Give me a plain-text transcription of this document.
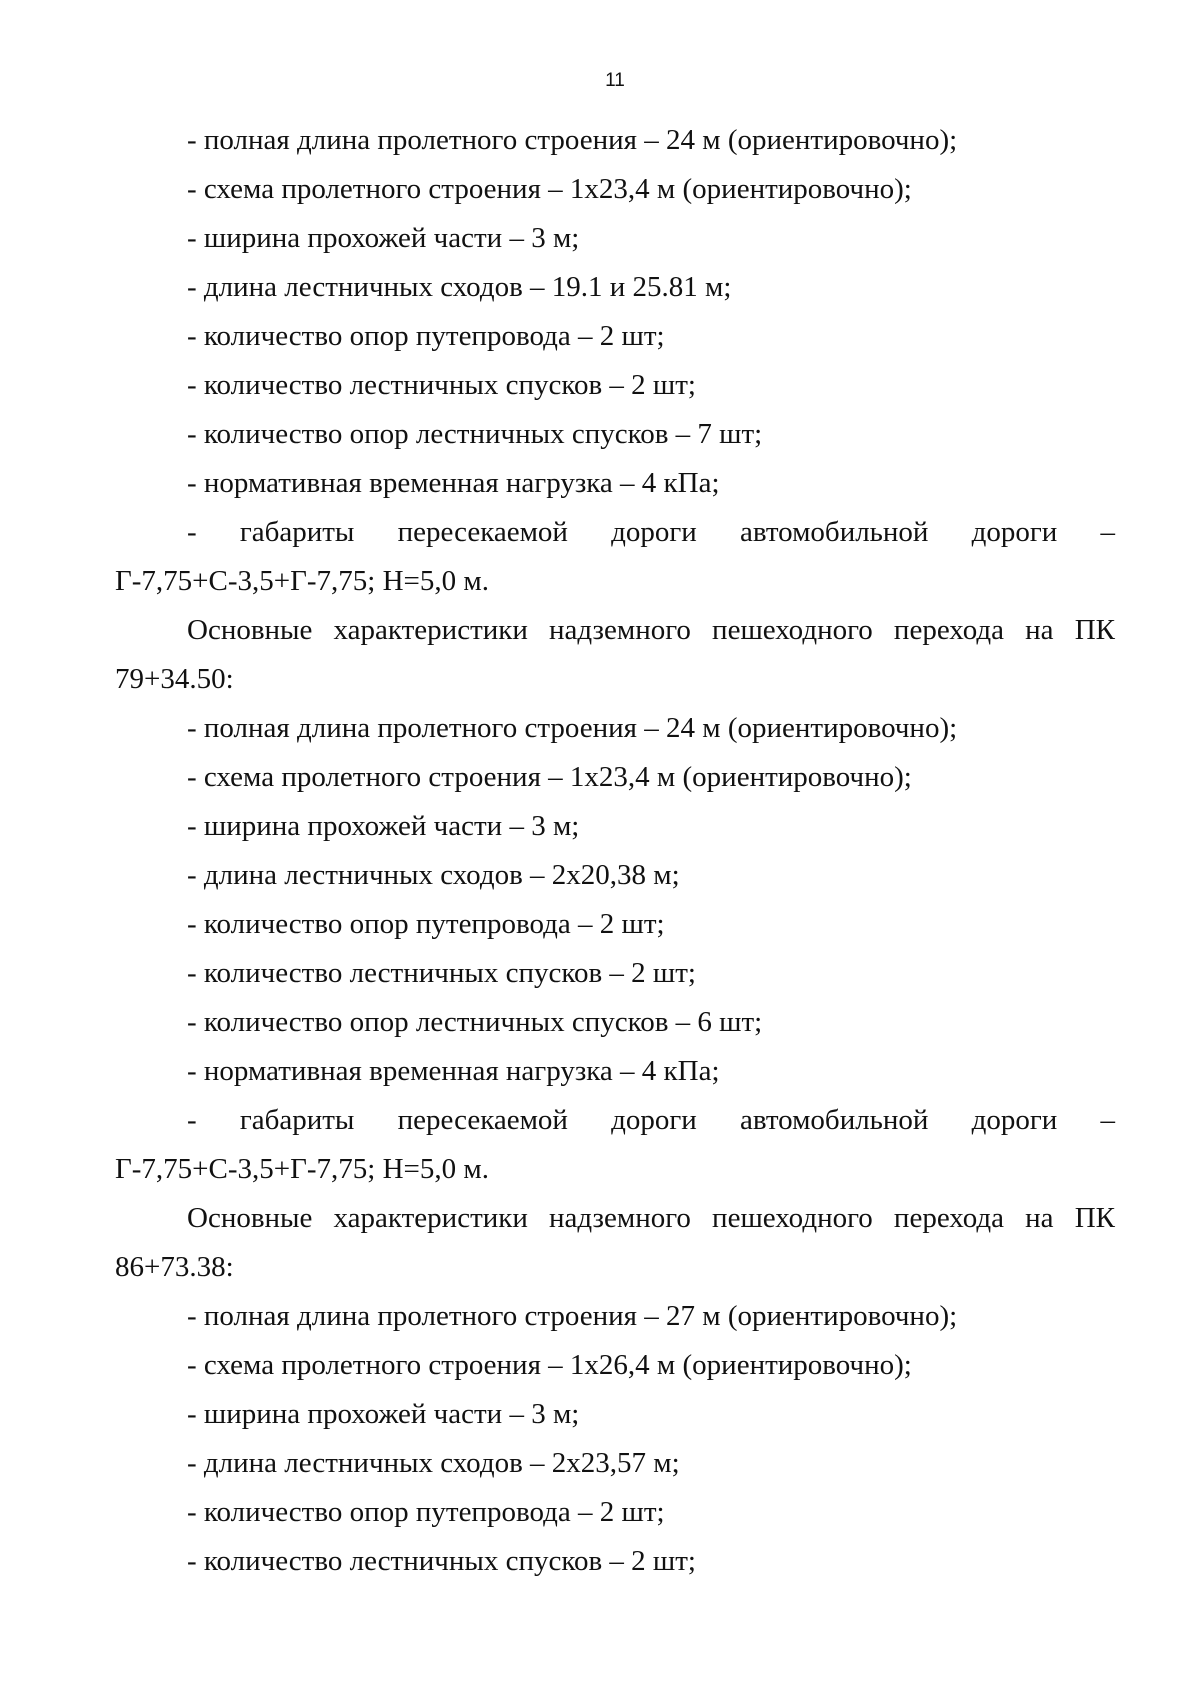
11

- полная длина пролетного строения – 24 м (ориентировочно);

- схема пролетного строения – 1х23,4 м (ориентировочно);

- ширина прохожей части – 3 м;

- длина лестничных сходов – 19.1 и 25.81 м;

- количество опор путепровода – 2 шт;

- количество лестничных спусков – 2 шт;

- количество опор лестничных спусков – 7 шт;

- нормативная временная нагрузка – 4 кПа;

- габариты пересекаемой дороги автомобильной дороги – Г-7,75+С-3,5+Г-7,75; Н=5,0 м.

Основные характеристики надземного пешеходного перехода на ПК 79+34.50:

- полная длина пролетного строения – 24 м (ориентировочно);

- схема пролетного строения – 1х23,4 м (ориентировочно);

- ширина прохожей части – 3 м;

- длина лестничных сходов – 2х20,38 м;

- количество опор путепровода – 2 шт;

- количество лестничных спусков – 2 шт;

- количество опор лестничных спусков – 6 шт;

- нормативная временная нагрузка – 4 кПа;

- габариты пересекаемой дороги автомобильной дороги – Г-7,75+С-3,5+Г-7,75; Н=5,0 м.

Основные характеристики надземного пешеходного перехода на ПК 86+73.38:

- полная длина пролетного строения – 27 м (ориентировочно);

- схема пролетного строения – 1х26,4 м (ориентировочно);

- ширина прохожей части – 3 м;

- длина лестничных сходов – 2х23,57 м;

- количество опор путепровода – 2 шт;

- количество лестничных спусков – 2 шт;
